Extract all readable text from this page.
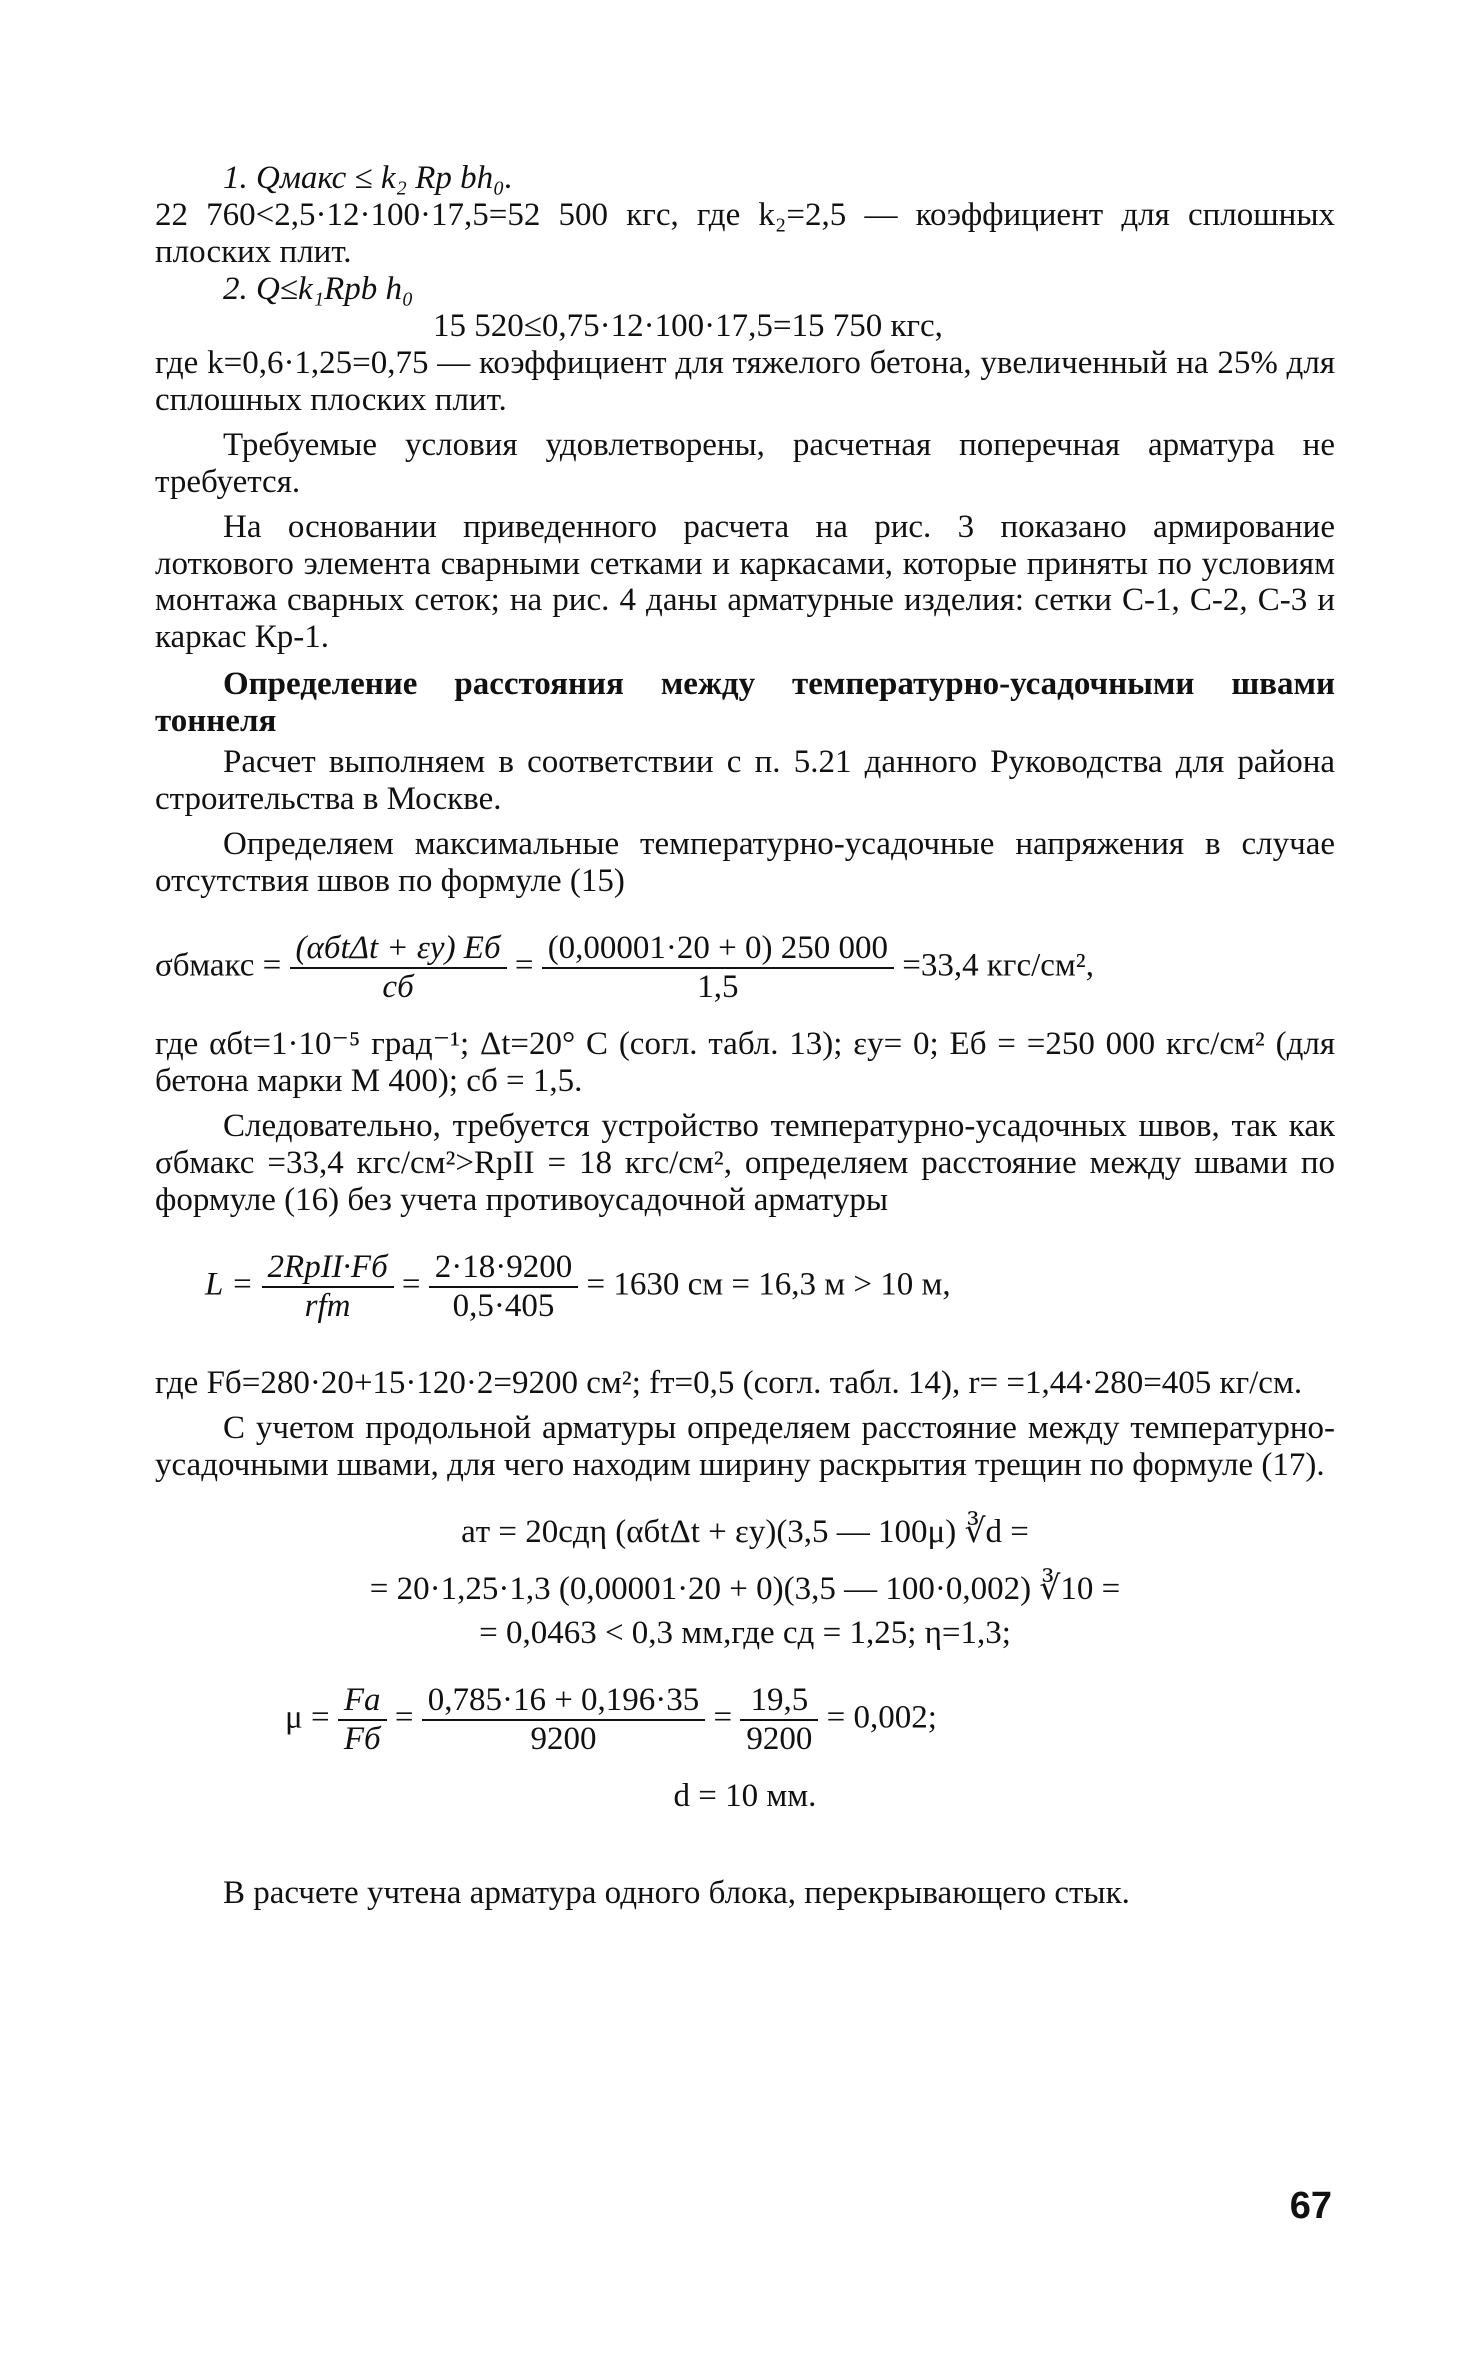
1. Qмакс ≤ k₂ Rр bh₀.

22 760<2,5·12·100·17,5=52 500 кгс, где k₂=2,5 — коэффициент для сплошных плоских плит.

2. Q≤k₁Rрb h₀

15 520≤0,75·12·100·17,5=15 750 кгс,

где k=0,6·1,25=0,75 — коэффициент для тяжелого бетона, увеличенный на 25% для сплошных плоских плит.

Требуемые условия удовлетворены, расчетная поперечная арматура не требуется.

На основании приведенного расчета на рис. 3 показано армирование лоткового элемента сварными сетками и каркасами, которые приняты по условиям монтажа сварных сеток; на рис. 4 даны арматурные изделия: сетки С-1, С-2, С-3 и каркас Кр-1.

Определение расстояния между температурно-усадочными швами тоннеля

Расчет выполняем в соответствии с п. 5.21 данного Руководства для района строительства в Москве.

Определяем максимальные температурно-усадочные напряжения в случае отсутствия швов по формуле (15)

σбмакс = $\frac{\text{(αбtΔt + εу) Eб}}{cб} = \frac{(0,00001\cdot 20 + 0) 250 000}{1,5} =33,4$ кгс/см²,

где αбt=1·10⁻⁵ град⁻¹; Δt=20° С (согл. табл. 13); εу= 0; Eб = =250 000 кгс/см² (для бетона марки М 400); cб = 1,5.

Следовательно, требуется устройство температурно-усадочных швов, так как σбмакс =33,4 кгс/см²>RрII = 18 кгс/см², определяем расстояние между швами по формуле (16) без учета противоусадочной арматуры

$L = \frac{\text{2RрII·Fб}}{\text{rfт}} = \frac{2\cdot 18\cdot 9200}{0,5\cdot 405} = 1630$ см = 16,3 м > 10 м,

где Fб=280·20+15·120·2=9200 см²; fт=0,5 (согл. табл. 14), r= =1,44·280=405 кг/см.

С учетом продольной арматуры определяем расстояние между температурно-усадочными швами, для чего находим ширину раскрытия трещин по формуле (17).

aт = 20cдη (αбtΔt + εу)(3,5 — 100μ) ∛d =
= 20·1,25·1,3 (0,00001·20 + 0)(3,5 — 100·0,002) ∛10 =
= 0,0463 < 0,3 мм,где cд = 1,25; η=1,3;
$\mu = \frac{Fа}{Fб} = \frac{0,785\cdot 16 + 0,196\cdot 35}{9200} = \frac{19,5}{9200} = 0,002$;
d = 10 мм.

В расчете учтена арматура одного блока, перекрывающего стык.

67
